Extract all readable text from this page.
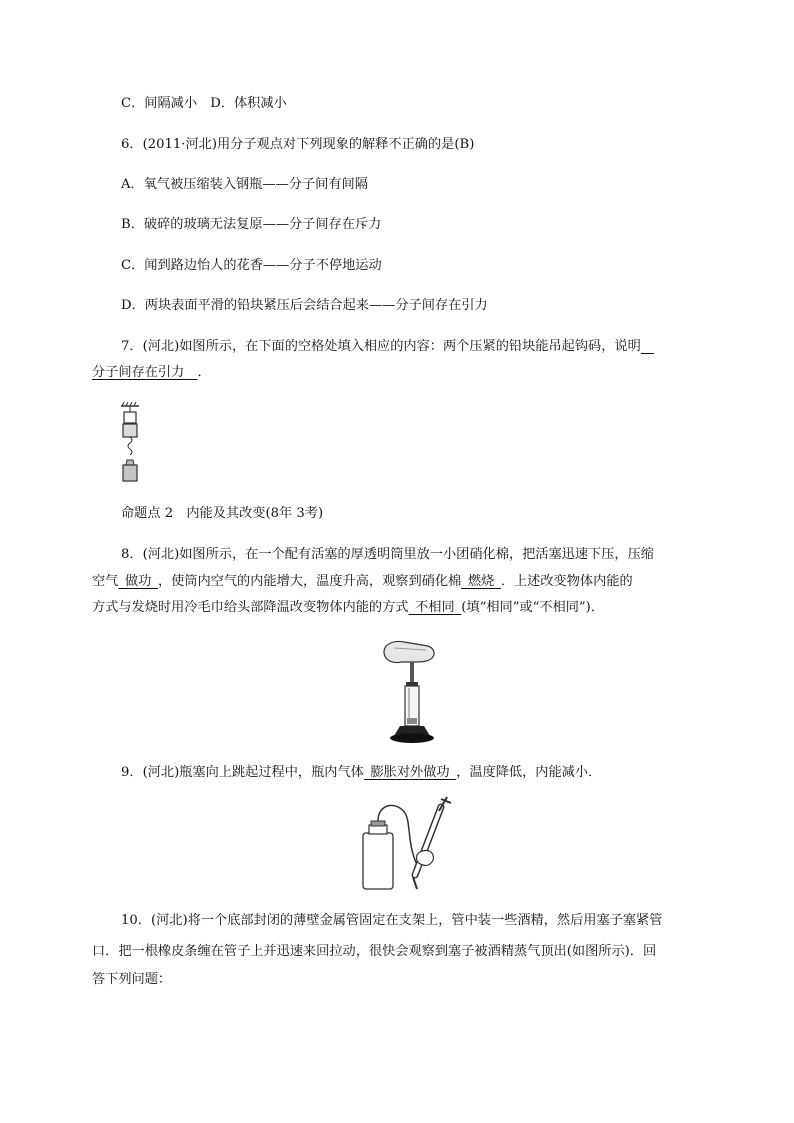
C．间隔减小　D．体积减小
6．(2011·河北)用分子观点对下列现象的解释不正确的是(B)
A．氧气被压缩装入钢瓶——分子间有间隔
B．破碎的玻璃无法复原——分子间存在斥力
C．闻到路边怡人的花香——分子不停地运动
D．两块表面平滑的铅块紧压后会结合起来——分子间存在引力
7．(河北)如图所示，在下面的空格处填入相应的内容：两个压紧的铅块能吊起钩码，说明 
分子间存在引力   ．
命题点 2　内能及其改变(8年 3考)
8．(河北)如图所示，在一个配有活塞的厚透明筒里放一小团硝化棉，把活塞迅速下压，压缩
空气  做功  ，使筒内空气的内能增大，温度升高，观察到硝化棉  燃烧  ．上述改变物体内能的
方式与发烧时用冷毛巾给头部降温改变物体内能的方式  不相同  (填“相同”或“不相同”)．
9．(河北)瓶塞向上跳起过程中，瓶内气体  膨胀对外做功  ，温度降低，内能减小．
10．(河北)将一个底部封闭的薄壁金属管固定在支架上，管中装一些酒精，然后用塞子塞紧管
口．把一根橡皮条缠在管子上并迅速来回拉动，很快会观察到塞子被酒精蒸气顶出(如图所示)．回
答下列问题：
